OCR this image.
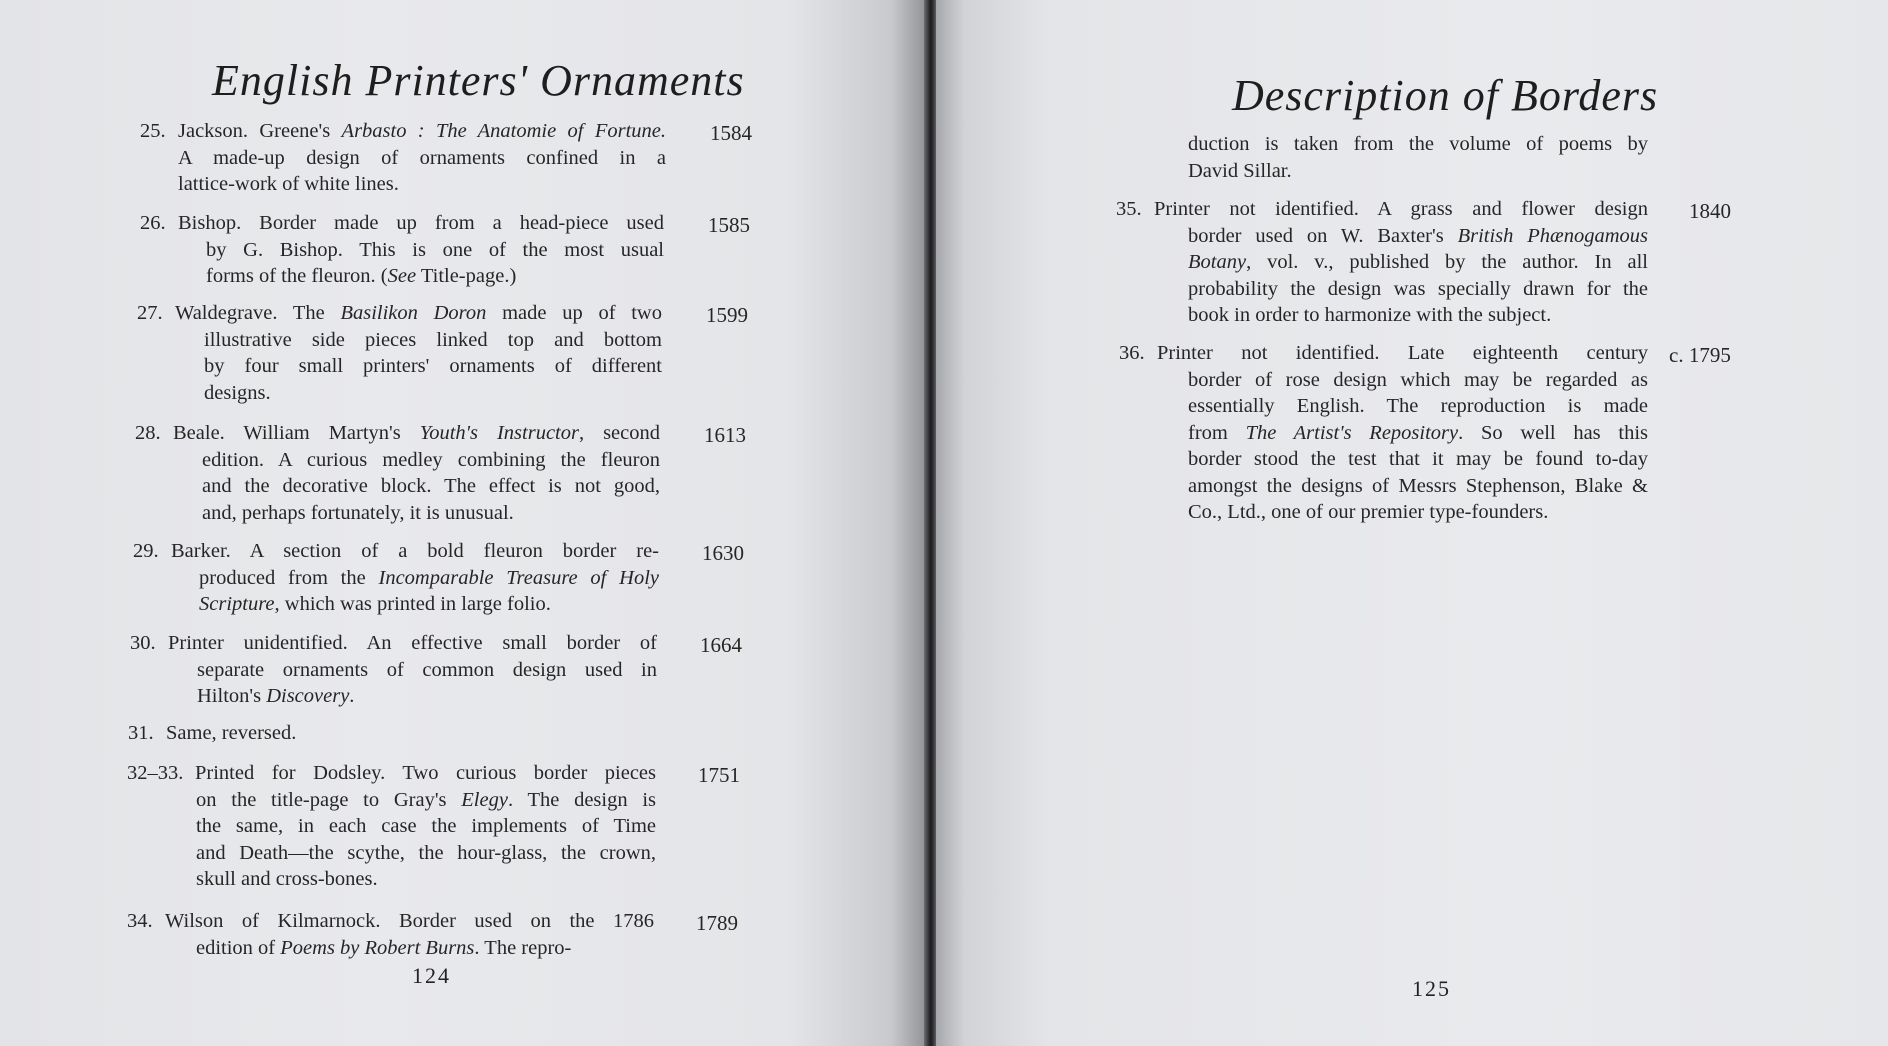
English Printers' Ornaments
25. Jackson. Greene's Arbasto : The Anatomie of Fortune.
A made-up design of ornaments confined in a
lattice-work of white lines.
1584
26. Bishop. Border made up from a head-piece used
by G. Bishop. This is one of the most usual
forms of the fleuron. (See Title-page.)
1585
27. Waldegrave. The Basilikon Doron made up of two
illustrative side pieces linked top and bottom
by four small printers' ornaments of different
designs.
1599
28. Beale. William Martyn's Youth's Instructor, second
edition. A curious medley combining the fleuron
and the decorative block. The effect is not good,
and, perhaps fortunately, it is unusual.
1613
29. Barker. A section of a bold fleuron border re-
produced from the Incomparable Treasure of Holy
Scripture, which was printed in large folio.
1630
30. Printer unidentified. An effective small border of
separate ornaments of common design used in
Hilton's Discovery.
1664
31. Same, reversed.
32–33. Printed for Dodsley. Two curious border pieces
on the title-page to Gray's Elegy. The design is
the same, in each case the implements of Time
and Death—the scythe, the hour-glass, the crown,
skull and cross-bones.
1751
34. Wilson of Kilmarnock. Border used on the 1786
edition of Poems by Robert Burns. The repro-
1789
124
Description of Borders
duction is taken from the volume of poems by
David Sillar.
35. Printer not identified. A grass and flower design
border used on W. Baxter's British Phænogamous
Botany, vol. v., published by the author. In all
probability the design was specially drawn for the
book in order to harmonize with the subject.
1840
36. Printer not identified. Late eighteenth century
border of rose design which may be regarded as
essentially English. The reproduction is made
from The Artist's Repository. So well has this
border stood the test that it may be found to-day
amongst the designs of Messrs Stephenson, Blake &
Co., Ltd., one of our premier type-founders.
c. 1795
125
